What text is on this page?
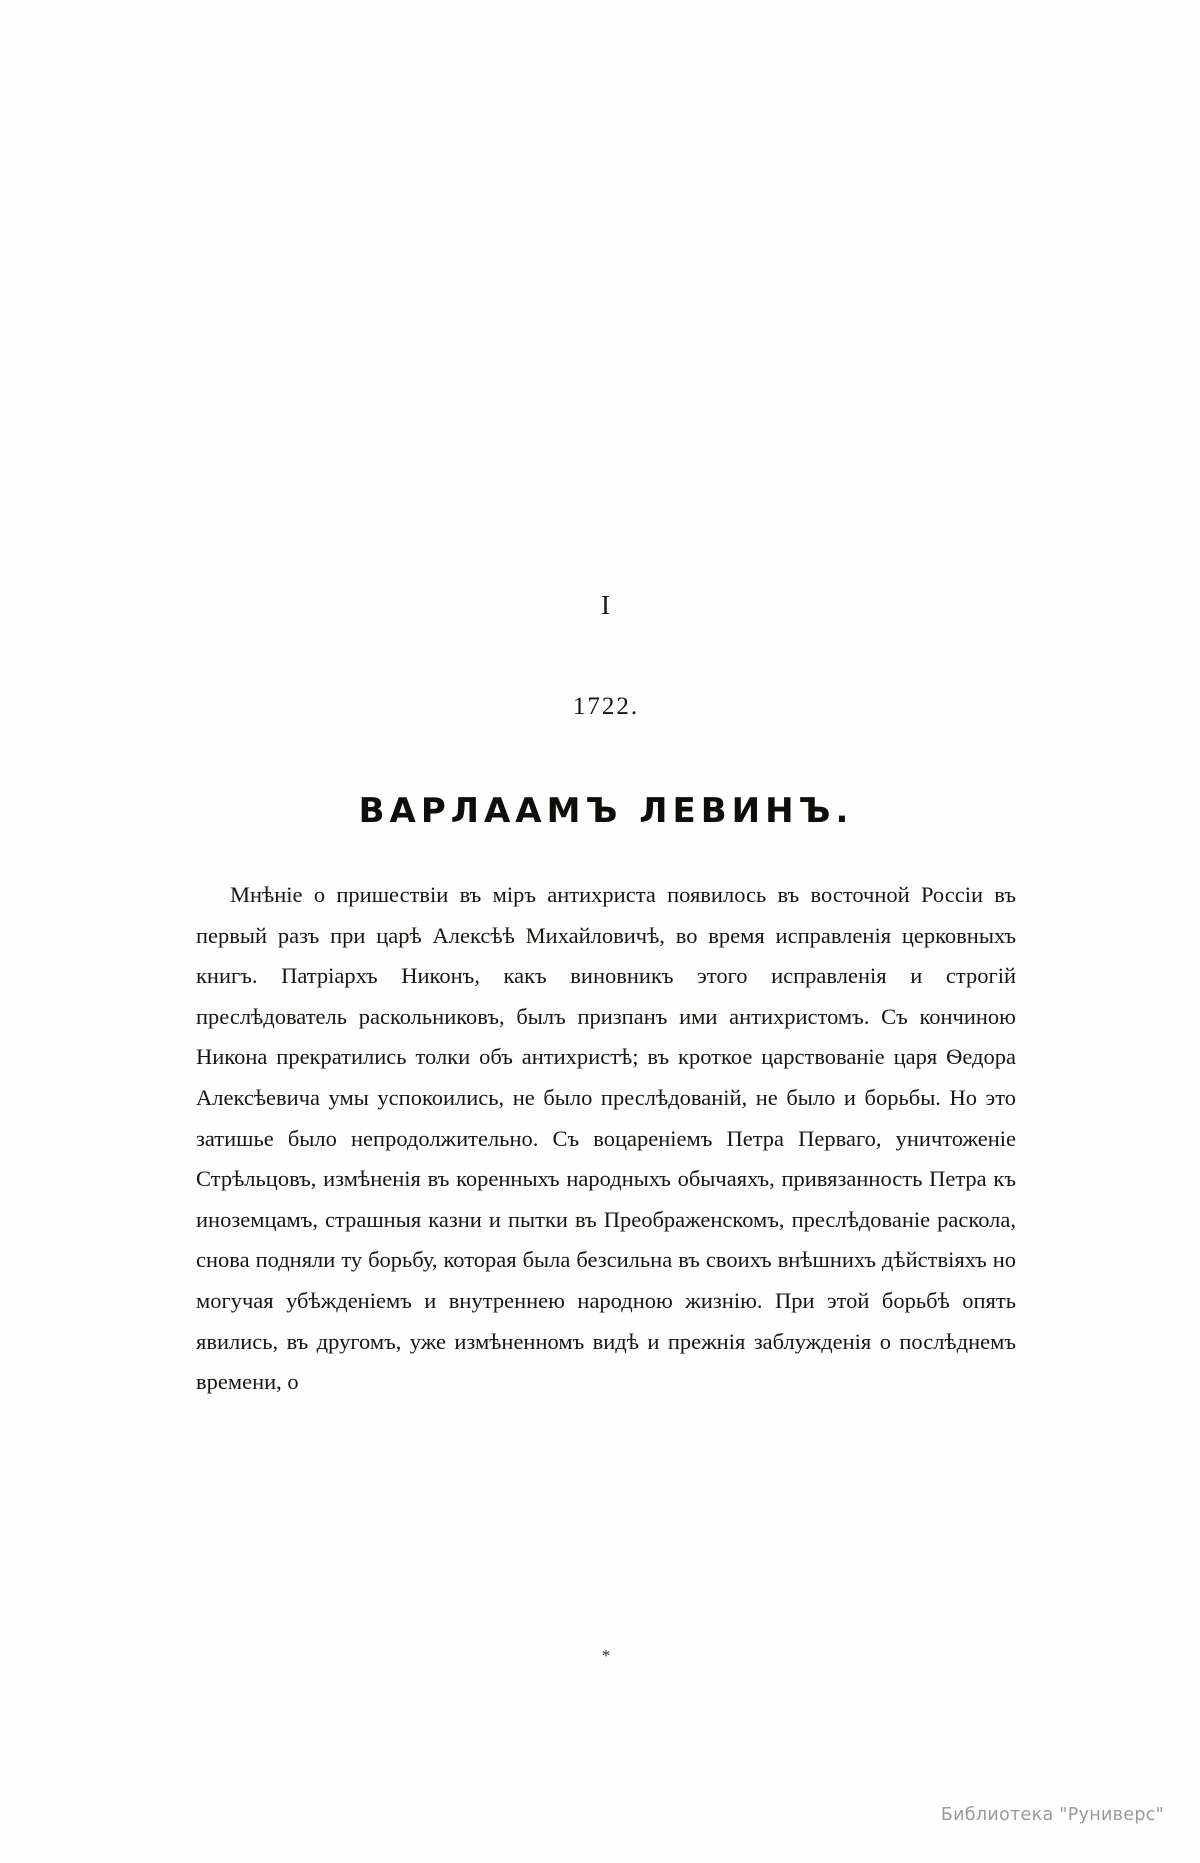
I
1722.
ВАРЛААМЪ ЛЕВИНЪ.

Мнѣніе о пришествіи въ міръ антихриста появилось въ восточной Россіи въ первый разъ при царѣ Алексѣѣ Михайловичѣ, во время исправленія церковныхъ книгъ. Патріархъ Никонъ, какъ виновникъ этого исправленія и строгій преслѣдователь раскольниковъ, былъ призпанъ ими антихристомъ. Съ кончиною Никона прекратились толки объ антихристѣ; въ кроткое царствованіе царя Ѳедора Алексѣевича умы успокоились, не было преслѣдованій, не было и борьбы. Но это затишье было непродолжительно. Съ воцареніемъ Петра Перваго, уничтоженіе Стрѣльцовъ, измѣненія въ коренныхъ народныхъ обычаяхъ, привязанность Петра къ иноземцамъ, страшныя казни и пытки въ Преображенскомъ, преслѣдованіе раскола, снова подняли ту борьбу, которая была безсильна въ своихъ внѣшнихъ дѣйствіяхъ но могучая убѣжденіемъ и внутреннею народною жизнію. При этой борьбѣ опять явились, въ другомъ, уже измѣненномъ видѣ и прежнія заблужденія о послѣднемъ времени, о

*
Библиотека "Руниверс"
